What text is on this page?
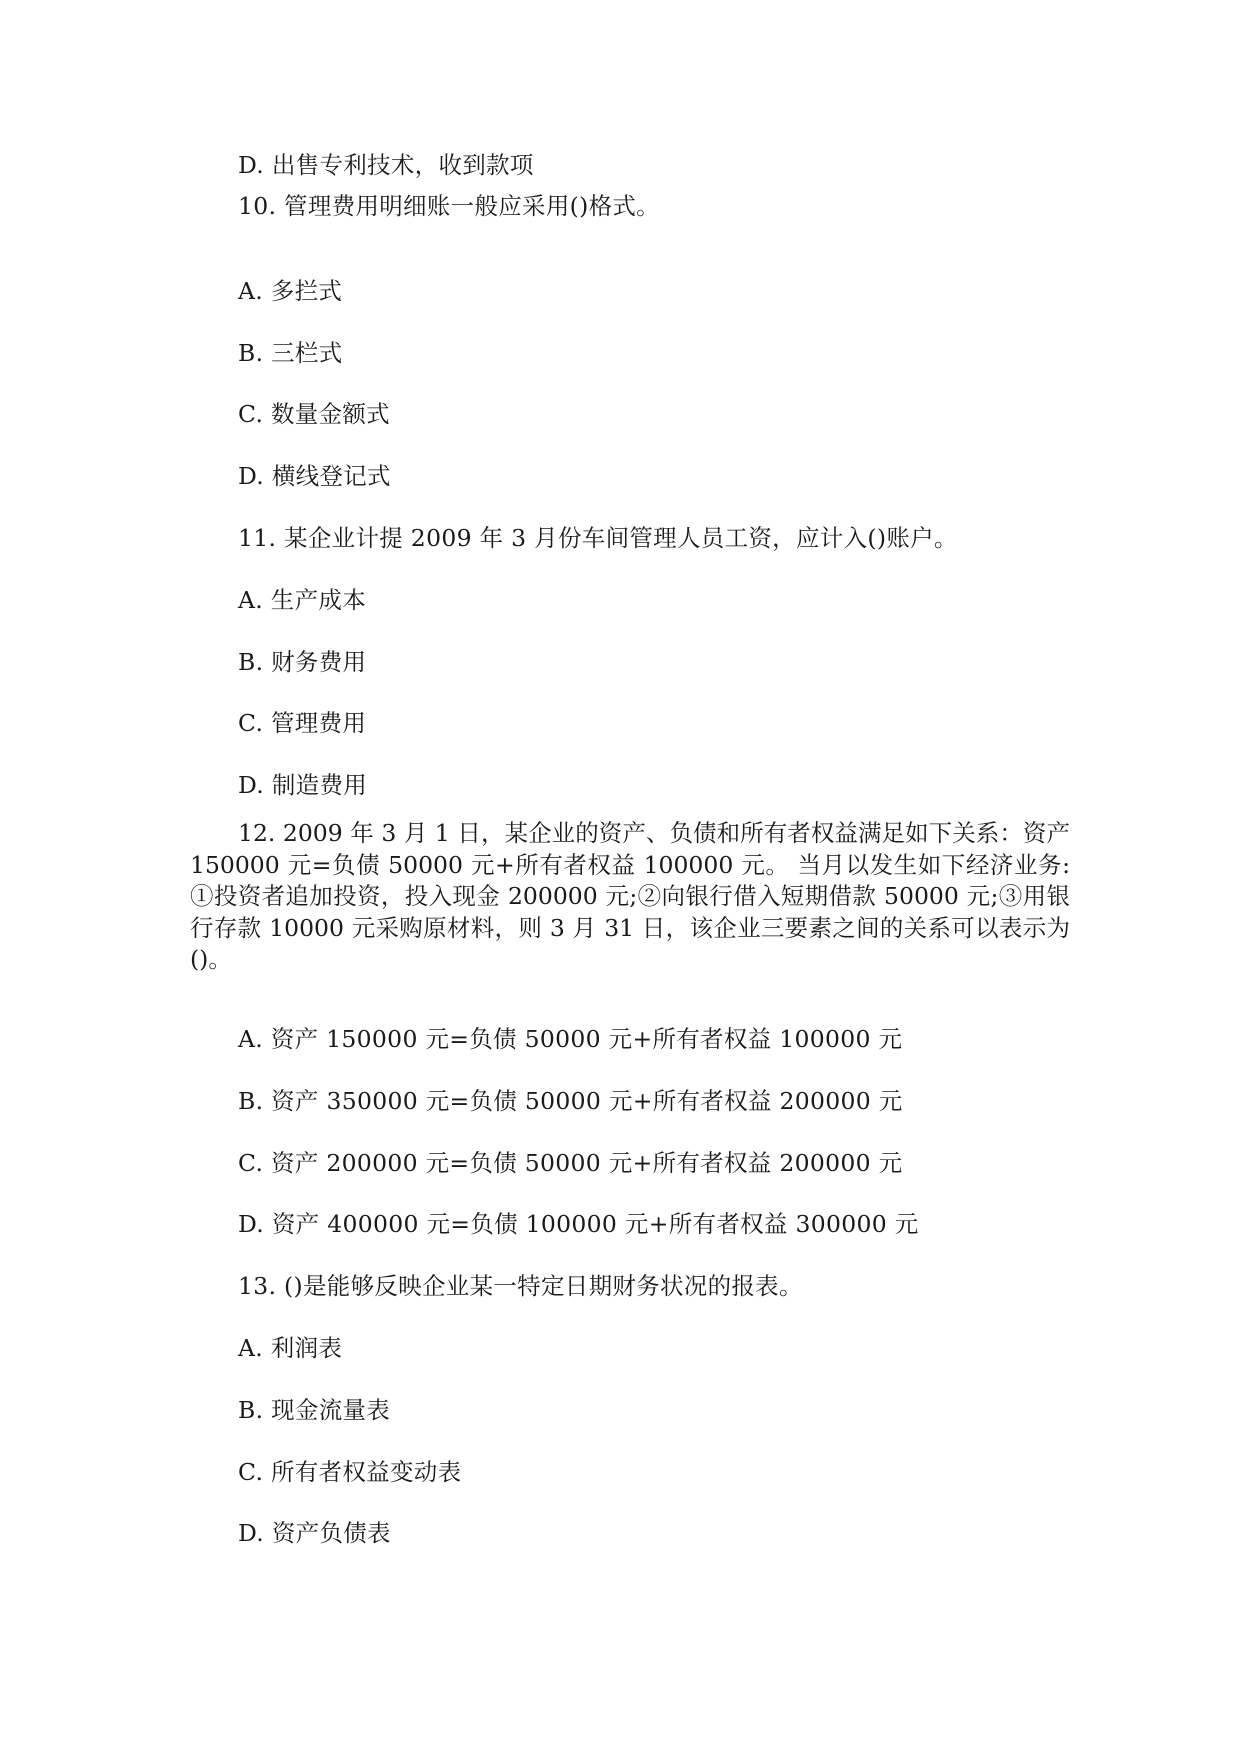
D. 出售专利技术，收到款项

10. 管理费用明细账一般应采用()格式。

A. 多拦式

B. 三栏式

C. 数量金额式

D. 横线登记式

11. 某企业计提 2009 年 3 月份车间管理人员工资，应计入()账户。

A. 生产成本

B. 财务费用

C. 管理费用

D. 制造费用

12. 2009 年 3 月 1 日，某企业的资产、负债和所有者权益满足如下关系：资产 150000 元=负债 50000 元+所有者权益 100000 元。 当月以发生如下经济业务: ①投资者追加投资，投入现金 200000 元;②向银行借入短期借款 50000 元;③用银行存款 10000 元采购原材料，则 3 月 31 日，该企业三要素之间的关系可以表示为()。

A. 资产 150000 元=负债 50000 元+所有者权益 100000 元

B. 资产 350000 元=负债 50000 元+所有者权益 200000 元

C. 资产 200000 元=负债 50000 元+所有者权益 200000 元

D. 资产 400000 元=负债 100000 元+所有者权益 300000 元

13. ()是能够反映企业某一特定日期财务状况的报表。

A. 利润表

B. 现金流量表

C. 所有者权益变动表

D. 资产负债表
